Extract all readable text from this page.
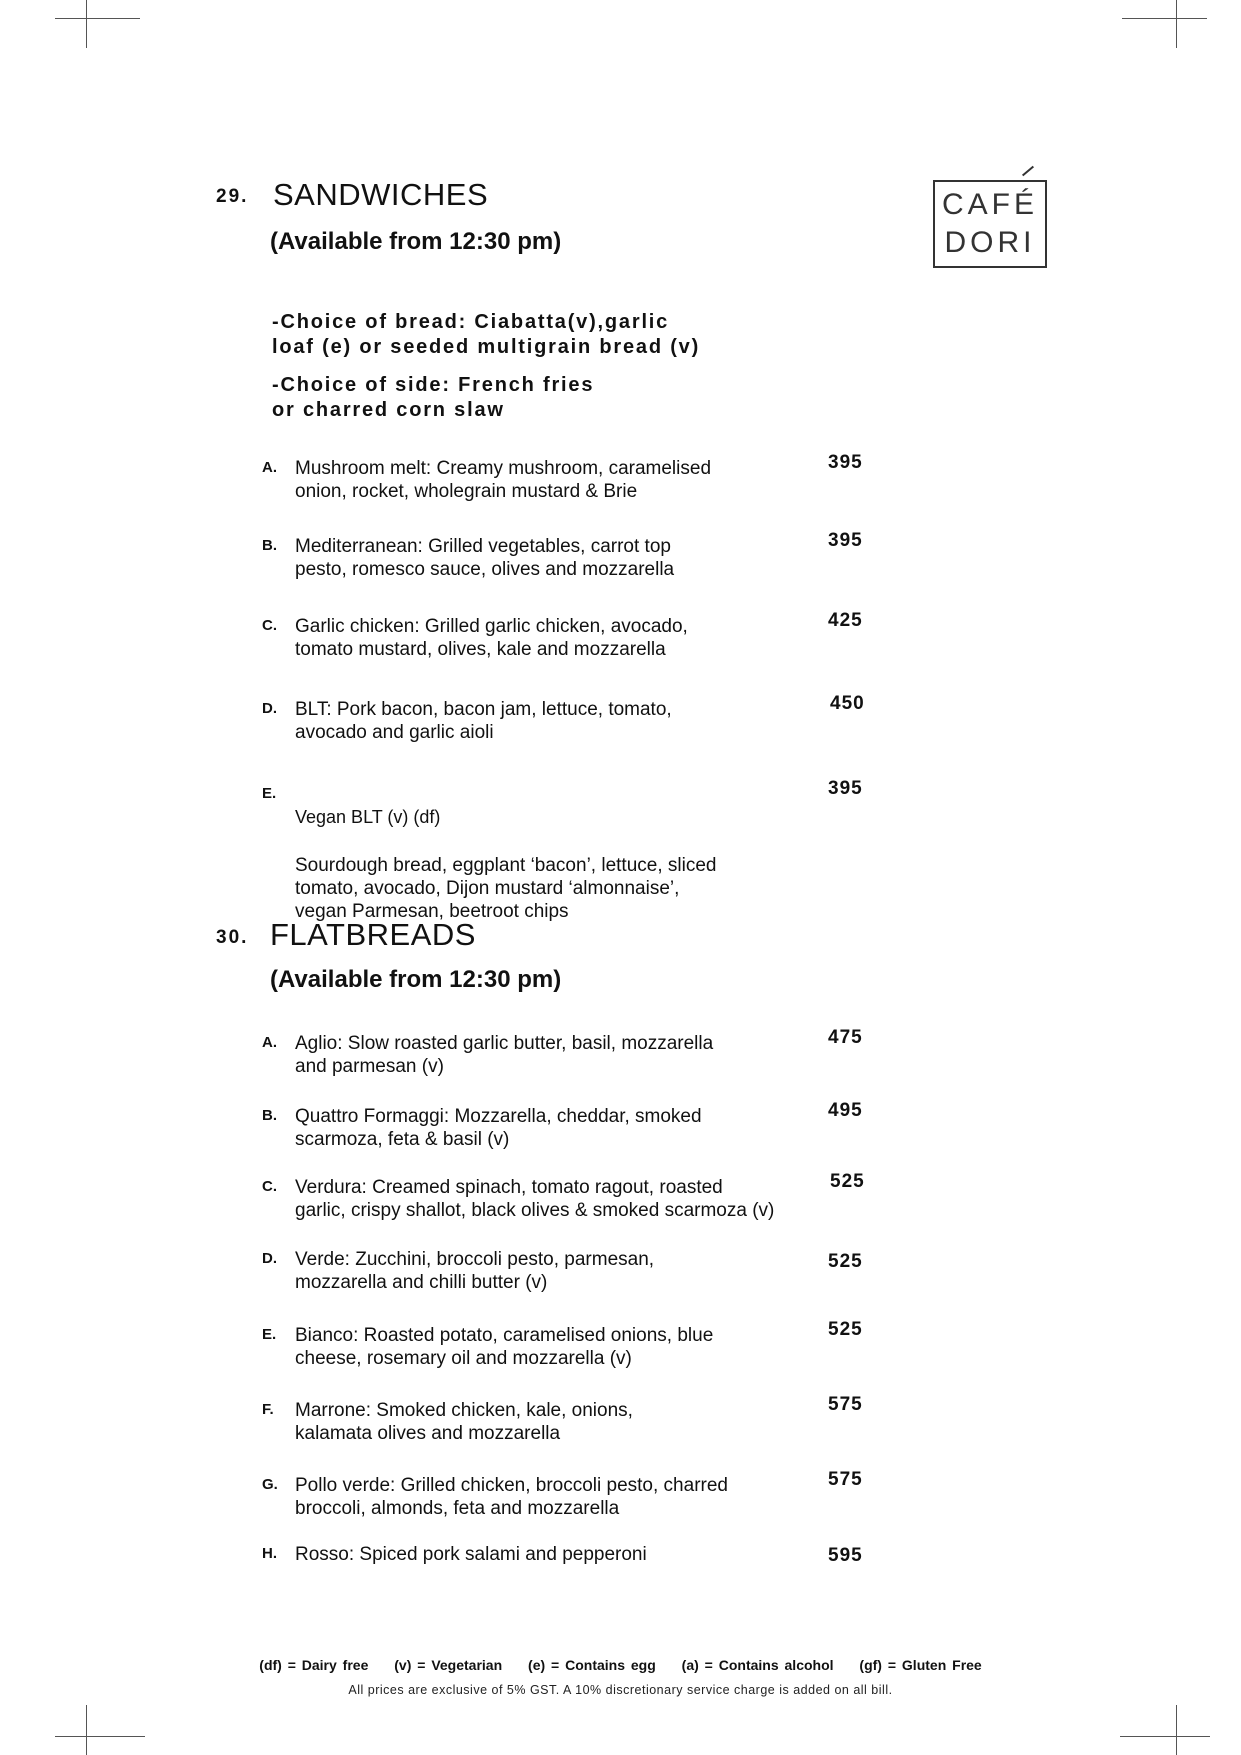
CAFÉ
DORI
29. SANDWICHES
(Available from 12:30 pm)
-Choice of bread: Ciabatta(v),garlic
loaf (e) or seeded multigrain bread (v)
-Choice of side: French fries
or charred corn slaw
A. Mushroom melt: Creamy mushroom, caramelised
onion, rocket, wholegrain mustard & Brie
395
B. Mediterranean: Grilled vegetables, carrot top
pesto, romesco sauce, olives and mozzarella
395
C. Garlic chicken: Grilled garlic chicken, avocado,
tomato mustard, olives, kale and mozzarella
425
D. BLT: Pork bacon, bacon jam, lettuce, tomato,
avocado and garlic aioli
450
E.

Vegan BLT (v) (df)

Sourdough bread, eggplant ‘bacon’, lettuce, sliced
tomato, avocado, Dijon mustard ‘almonnaise’,
vegan Parmesan, beetroot chips

395
30. FLATBREADS
(Available from 12:30 pm)
A. Aglio: Slow roasted garlic butter, basil, mozzarella
and parmesan (v)
475
B. Quattro Formaggi: Mozzarella, cheddar, smoked
scarmoza, feta & basil (v)
495
C. Verdura: Creamed spinach, tomato ragout, roasted
garlic, crispy shallot, black olives & smoked scarmoza (v)
525
D. Verde: Zucchini, broccoli pesto, parmesan,
mozzarella and chilli butter (v)
525
E. Bianco: Roasted potato, caramelised onions, blue
cheese, rosemary oil and mozzarella (v)
525
F. Marrone: Smoked chicken, kale, onions,
kalamata olives and mozzarella
575
G. Pollo verde: Grilled chicken, broccoli pesto, charred
broccoli, almonds, feta and mozzarella
575
H. Rosso: Spiced pork salami and pepperoni	595
(df) = Dairy free (v) = Vegetarian (e) = Contains egg (a) = Contains alcohol (gf) = Gluten Free
All prices are exclusive of 5% GST. A 10% discretionary service charge is added on all bill.
